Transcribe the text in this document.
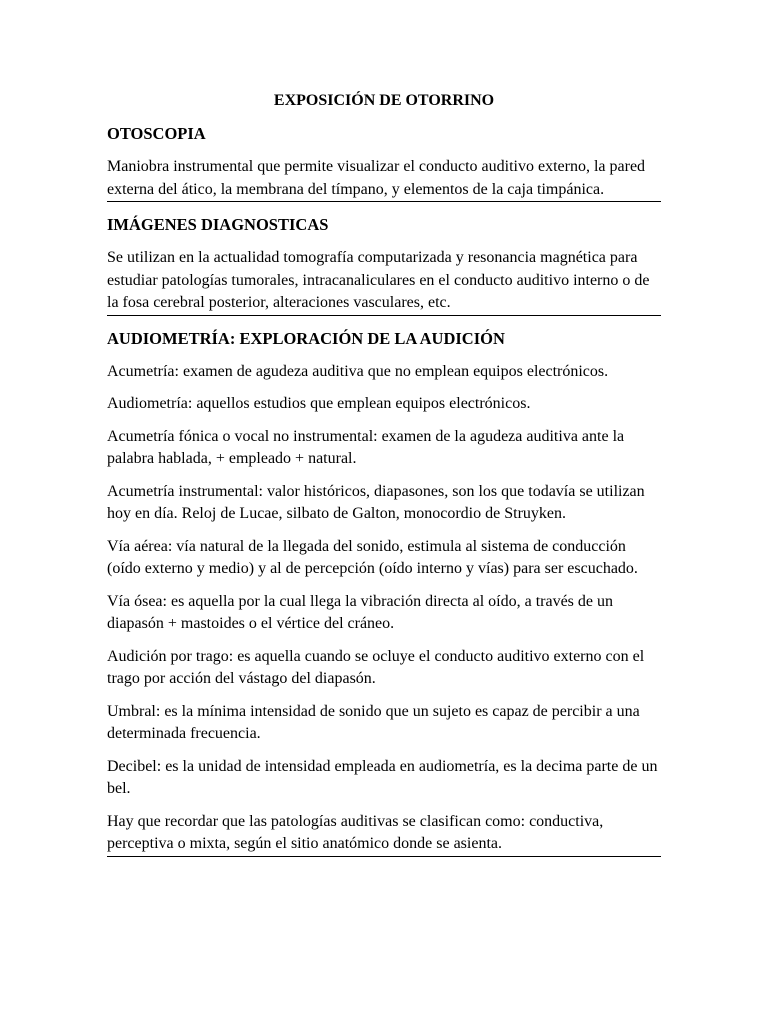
EXPOSICIÓN DE OTORRINO
OTOSCOPIA
Maniobra instrumental que permite visualizar el conducto auditivo externo, la pared externa del ático, la membrana del tímpano, y elementos de la caja timpánica.
IMÁGENES DIAGNOSTICAS
Se utilizan en la actualidad tomografía computarizada y resonancia magnética para estudiar patologías tumorales, intracanaliculares en el conducto auditivo interno o de la fosa cerebral posterior, alteraciones vasculares, etc.
AUDIOMETRÍA: EXPLORACIÓN DE LA AUDICIÓN
Acumetría: examen de agudeza auditiva que no emplean equipos electrónicos.
Audiometría: aquellos estudios que emplean equipos electrónicos.
Acumetría fónica o vocal no instrumental: examen de la agudeza auditiva ante la palabra hablada, + empleado + natural.
Acumetría instrumental: valor históricos, diapasones, son los que todavía se utilizan hoy en día. Reloj de Lucae, silbato de Galton, monocordio de Struyken.
Vía aérea: vía natural de la llegada del sonido, estimula al sistema de conducción (oído externo y medio) y al de percepción (oído interno y vías) para ser escuchado.
Vía ósea: es aquella por la cual llega la vibración directa al oído, a través de un diapasón + mastoides o el vértice del cráneo.
Audición por trago: es aquella cuando se ocluye el conducto auditivo externo con el trago por acción del vástago del diapasón.
Umbral: es la mínima intensidad de sonido que un sujeto es capaz de percibir a una determinada frecuencia.
Decibel: es la unidad de intensidad empleada en audiometría, es la decima parte de un bel.
Hay que recordar que las patologías auditivas se clasifican como: conductiva, perceptiva o mixta, según el sitio anatómico donde se asienta.
